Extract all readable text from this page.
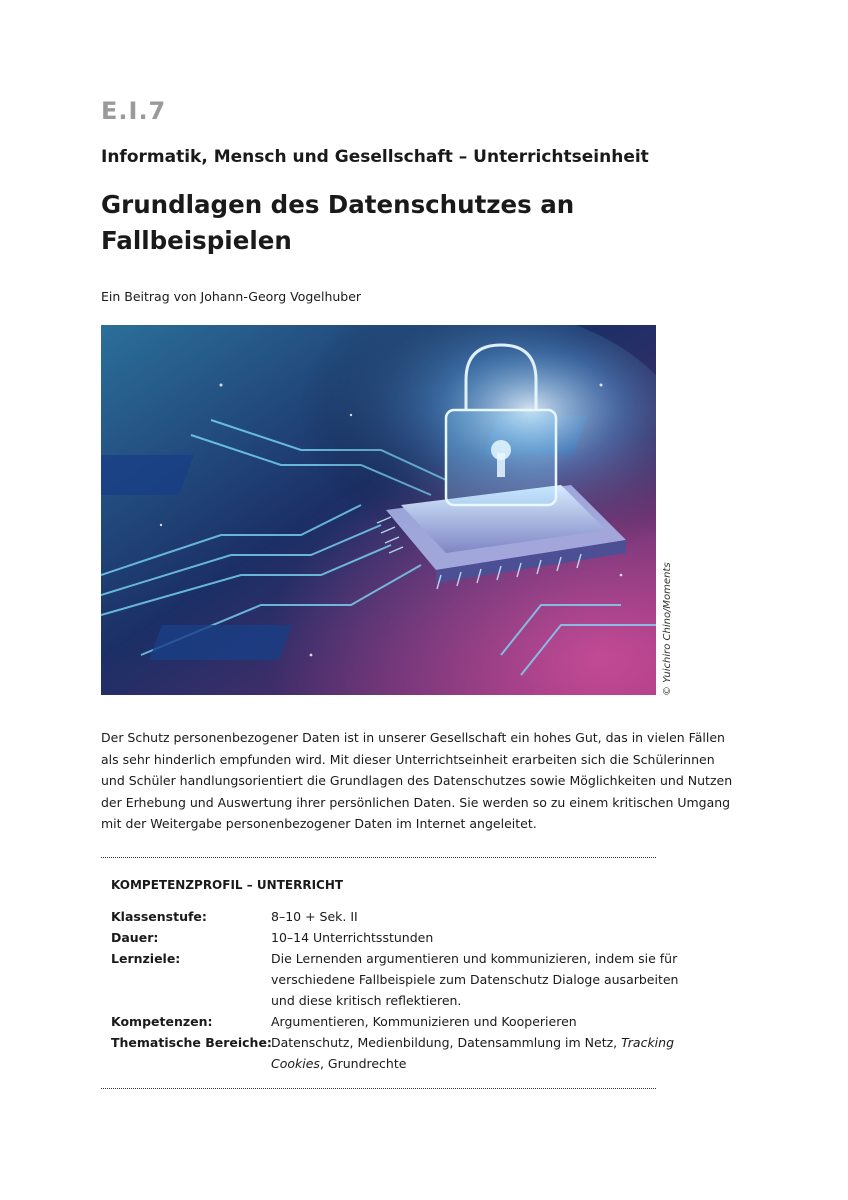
E.I.7
Informatik, Mensch und Gesellschaft – Unterrichtseinheit
Grundlagen des Datenschutzes an
Fallbeispielen
Ein Beitrag von Johann-Georg Vogelhuber
© Yuichiro Chino/Moments
Der Schutz personenbezogener Daten ist in unserer Gesellschaft ein hohes Gut, das in vielen Fällen
als sehr hinderlich empfunden wird. Mit dieser Unterrichtseinheit erarbeiten sich die Schülerinnen
und Schüler handlungsorientiert die Grundlagen des Datenschutzes sowie Möglichkeiten und Nutzen
der Erhebung und Auswertung ihrer persönlichen Daten. Sie werden so zu einem kritischen Umgang
mit der Weitergabe personenbezogener Daten im Internet angeleitet.
KOMPETENZPROFIL – UNTERRICHT
Klassenstufe:	8–10 + Sek. II
Dauer:	10–14 Unterrichtsstunden
Lernziele:	Die Lernenden argumentieren und kommunizieren, indem sie für
verschiedene Fallbeispiele zum Datenschutz Dialoge ausarbeiten
und diese kritisch reflektieren.
Kompetenzen:	Argumentieren, Kommunizieren und Kooperieren
Thematische Bereiche: Datenschutz, Medienbildung, Datensammlung im Netz, Tracking
Cookies, Grundrechte
